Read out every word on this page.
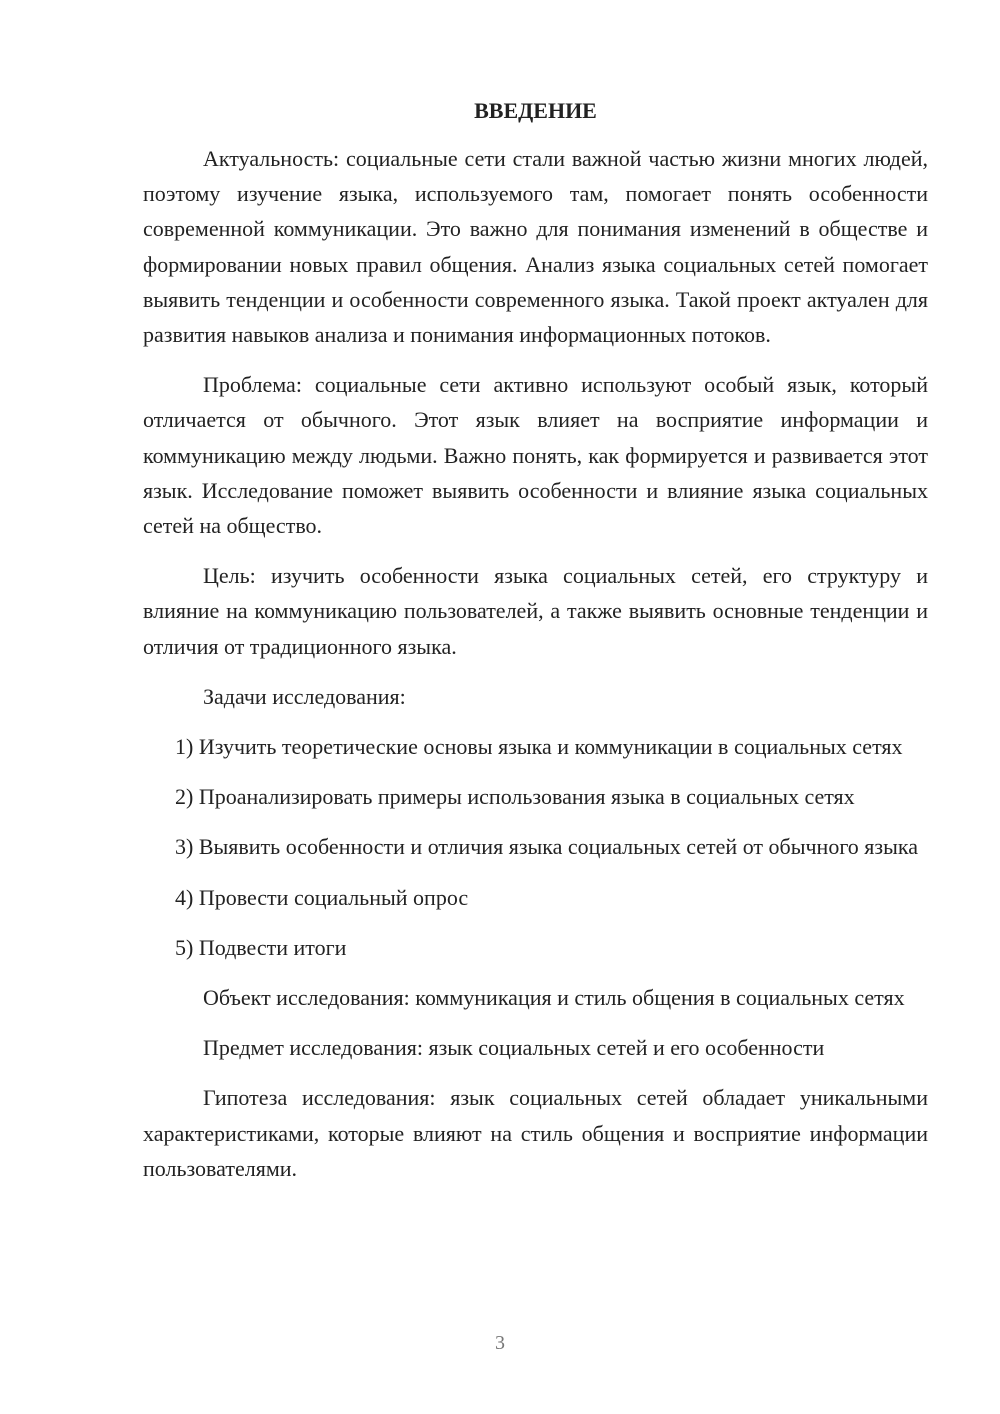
ВВЕДЕНИЕ

Актуальность: социальные сети стали важной частью жизни многих людей, поэтому изучение языка, используемого там, помогает понять особенности современной коммуникации. Это важно для понимания изменений в обществе и формировании новых правил общения. Анализ языка социальных сетей помогает выявить тенденции и особенности современного языка. Такой проект актуален для развития навыков анализа и понимания информационных потоков.

Проблема: социальные сети активно используют особый язык, который отличается от обычного. Этот язык влияет на восприятие информации и коммуникацию между людьми. Важно понять, как формируется и развивается этот язык. Исследование поможет выявить особенности и влияние языка социальных сетей на общество.

Цель: изучить особенности языка социальных сетей, его структуру и влияние на коммуникацию пользователей, а также выявить основные тенденции и отличия от традиционного языка.

Задачи исследования:

1) Изучить теоретические основы языка и коммуникации в социальных сетях

2) Проанализировать примеры использования языка в социальных сетях

3) Выявить особенности и отличия языка социальных сетей от обычного языка

4) Провести социальный опрос

5) Подвести итоги

Объект исследования: коммуникация и стиль общения в социальных сетях

Предмет исследования: язык социальных сетей и его особенности

Гипотеза исследования: язык социальных сетей обладает уникальными характеристиками, которые влияют на стиль общения и восприятие информации пользователями.

3
